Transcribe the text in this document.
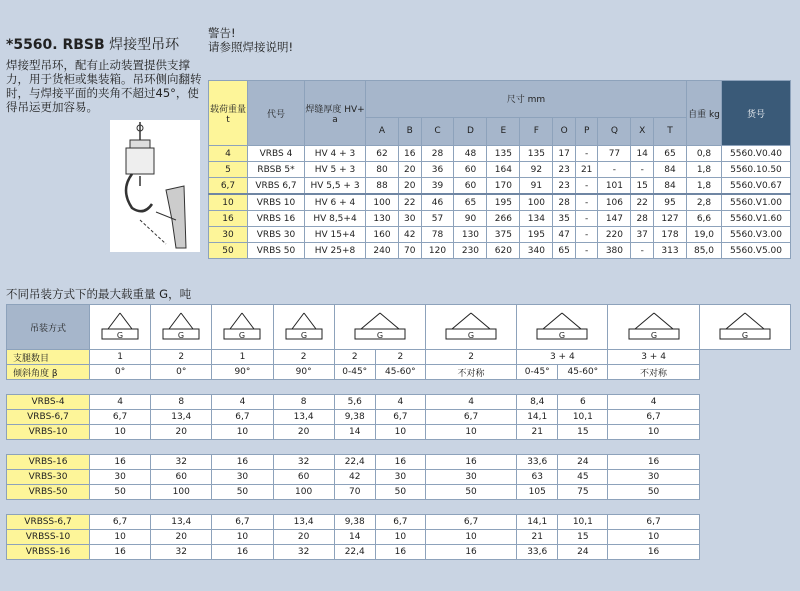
*5560. RBSB 焊接型吊环
焊接型吊环，配有止动装置提供支撑力，用于货柜或集装箱。吊环侧向翻转时，与焊接平面的夹角不超过45°，使得吊运更加容易。
警告!
请参照焊接说明!
载荷重量 t	代号	焊缝厚度 HV+ a	尺寸 mm											自重 kg	货号
			A	B	C	D	E	F	O	P	Q	X	T		
4	VRBS 4	HV 4 + 3	62	16	28	48	135	135	17	-	77	14	65	0,8	5560.V0.40
5	RBSB 5*	HV 5 + 3	80	20	36	60	164	92	23	21	-	-	84	1,8	5560.10.50
6,7	VRBS 6,7	HV 5,5 + 3	88	20	39	60	170	91	23	-	101	15	84	1,8	5560.V0.67
10	VRBS 10	HV 6 + 4	100	22	46	65	195	100	28	-	106	22	95	2,8	5560.V1.00
16	VRBS 16	HV 8,5+4	130	30	57	90	266	134	35	-	147	28	127	6,6	5560.V1.60
30	VRBS 30	HV 15+4	160	42	78	130	375	195	47	-	220	37	178	19,0	5560.V3.00
50	VRBS 50	HV 25+8	240	70	120	230	620	340	65	-	380	-	313	85,0	5560.V5.00
不同吊装方式下的最大载重量 G，吨
吊装方式	G	G	G	G	G		G	G		G	G

支腿数目	1	2	1	2	2	2	2	3 + 4		3 + 4	
倾斜角度 β	0°	0°	90°	90°	0-45°	45-60°	不对称	0-45°	45-60°	不对称	

VRBS-4	4	8	4	8	5,6	4	4	8,4	6	4	
VRBS-6,7	6,7	13,4	6,7	13,4	9,38	6,7	6,7	14,1	10,1	6,7	
VRBS-10	10	20	10	20	14	10	10	21	15	10	

VRBS-16	16	32	16	32	22,4	16	16	33,6	24	16	
VRBS-30	30	60	30	60	42	30	30	63	45	30	
VRBS-50	50	100	50	100	70	50	50	105	75	50	

VRBSS-6,7	6,7	13,4	6,7	13,4	9,38	6,7	6,7	14,1	10,1	6,7	
VRBSS-10	10	20	10	20	14	10	10	21	15	10	
VRBSS-16	16	32	16	32	22,4	16	16	33,6	24	16	
